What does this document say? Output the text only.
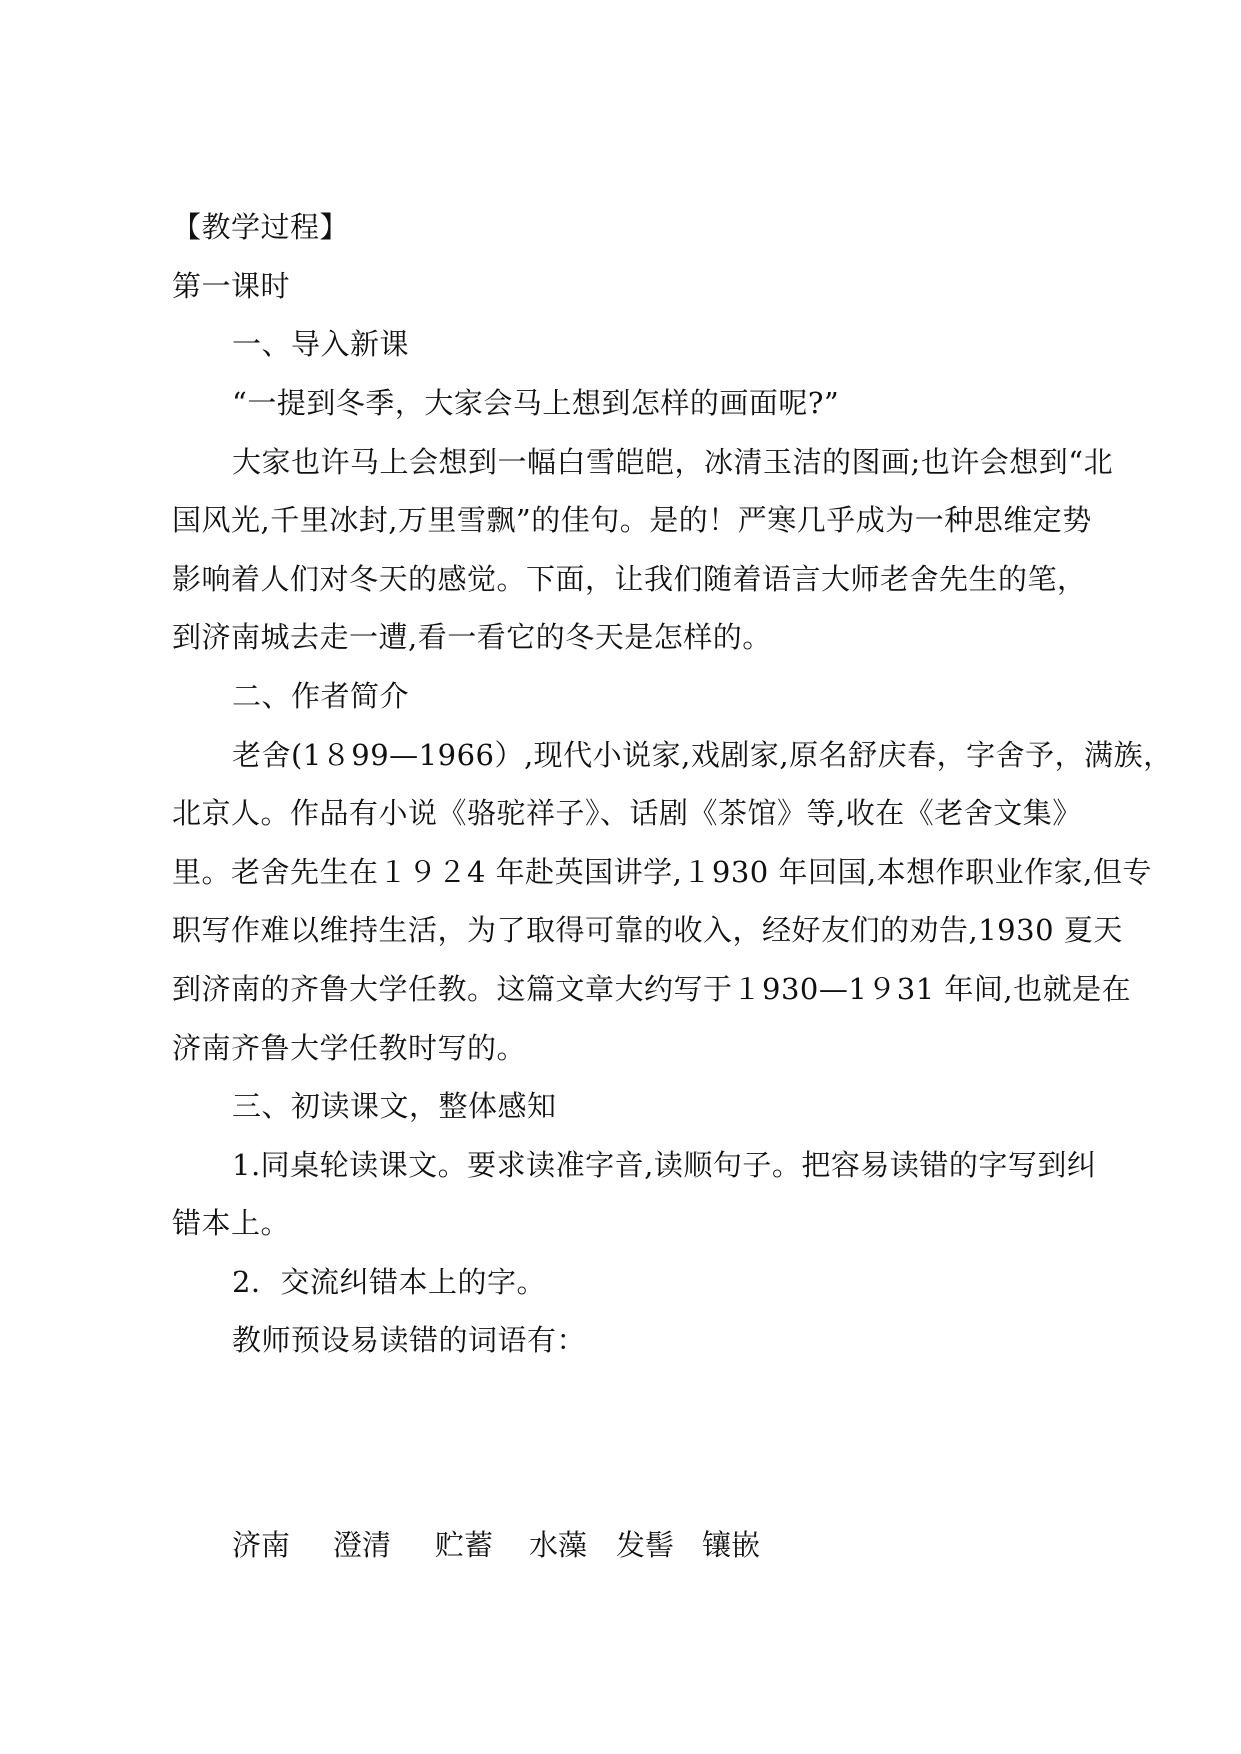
【教学过程】
第一课时
一、导入新课
“一提到冬季，大家会马上想到怎样的画面呢?”
大家也许马上会想到一幅白雪皑皑，冰清玉洁的图画;也许会想到“北
国风光,千里冰封,万里雪飘”的佳句。是的！严寒几乎成为一种思维定势
影响着人们对冬天的感觉。下面，让我们随着语言大师老舍先生的笔，
到济南城去走一遭,看一看它的冬天是怎样的。
二、作者简介
老舍(1８99—1966）,现代小说家,戏剧家,原名舒庆春，字舍予，满族，
北京人。作品有小说《骆驼祥子》、话剧《茶馆》等,收在《老舍文集》
里。老舍先生在１９２4 年赴英国讲学,１930 年回国,本想作职业作家,但专
职写作难以维持生活，为了取得可靠的收入，经好友们的劝告,1930 夏天
到济南的齐鲁大学任教。这篇文章大约写于１930—1９31 年间,也就是在
济南齐鲁大学任教时写的。
三、初读课文，整体感知
1.同桌轮读课文。要求读准字音,读顺句子。把容易读错的字写到纠
错本上。
2．交流纠错本上的字。
教师预设易读错的词语有：
济南 澄清 贮蓄 水藻 发髻 镶嵌
